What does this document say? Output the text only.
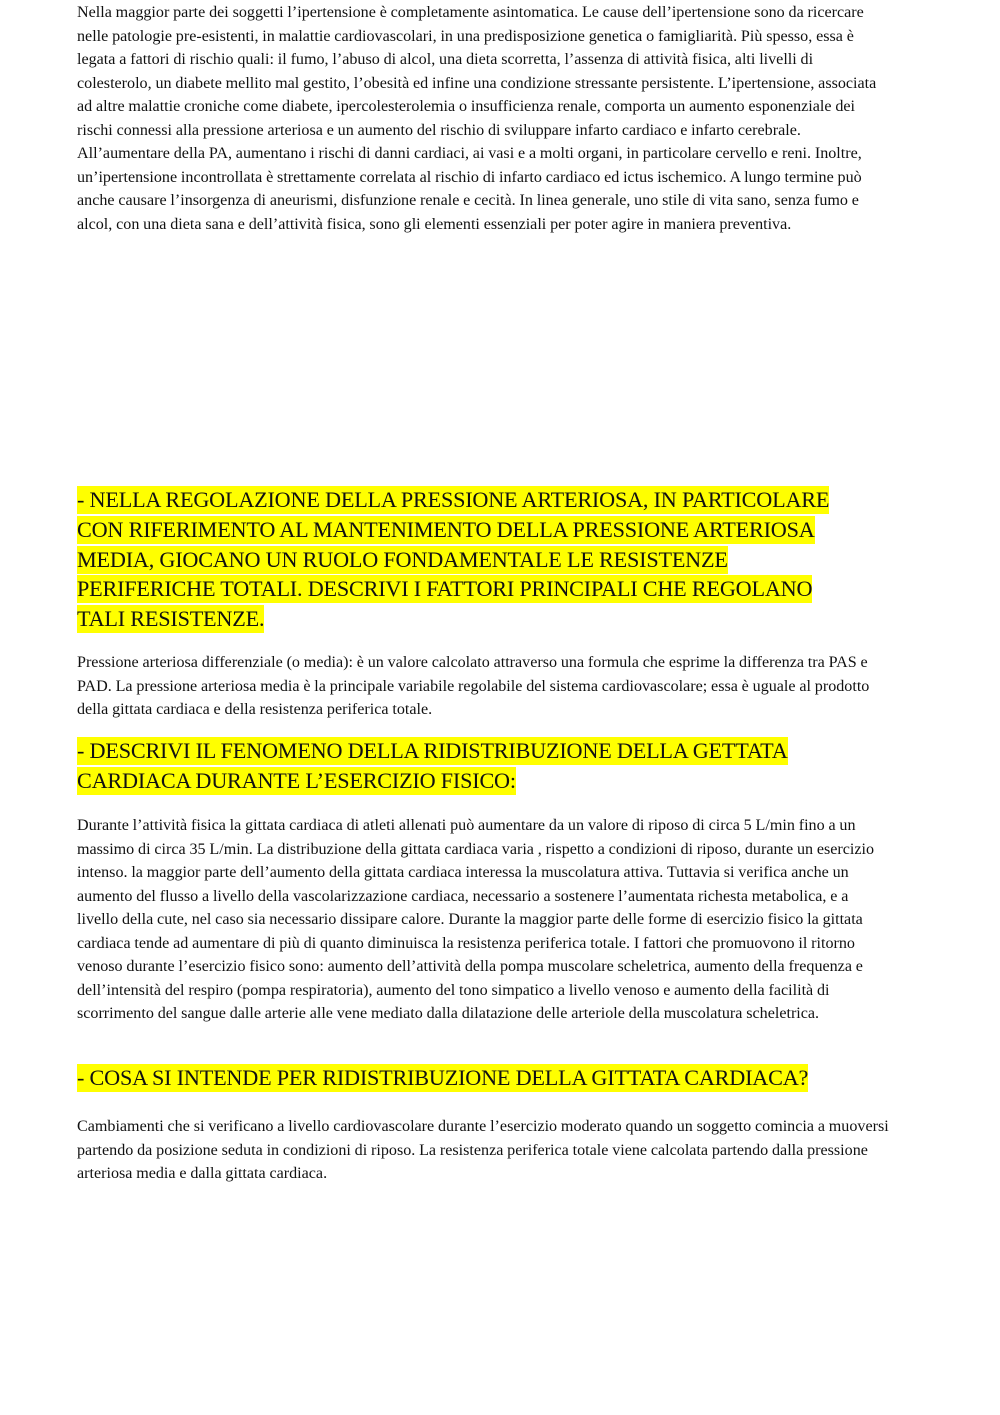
Nella maggior parte dei soggetti l’ipertensione è completamente asintomatica. Le cause dell’ipertensione sono da ricercare nelle patologie pre-esistenti, in malattie cardiovascolari, in una predisposizione genetica o famigliarità. Più spesso, essa è legata a fattori di rischio quali: il fumo, l’abuso di alcol, una dieta scorretta, l’assenza di attività fisica, alti livelli di colesterolo, un diabete mellito mal gestito, l’obesità ed infine una condizione stressante persistente. L’ipertensione, associata ad altre malattie croniche come diabete, ipercolesterolemia o insufficienza renale, comporta un aumento esponenziale dei rischi connessi alla pressione arteriosa e un aumento del rischio di sviluppare infarto cardiaco e infarto cerebrale. All’aumentare della PA, aumentano i rischi di danni cardiaci, ai vasi e a molti organi, in particolare cervello e reni. Inoltre, un’ipertensione incontrollata è strettamente correlata al rischio di infarto cardiaco ed ictus ischemico. A lungo termine può anche causare l’insorgenza di aneurismi, disfunzione renale e cecità. In linea generale, uno stile di vita sano, senza fumo e alcol, con una dieta sana e dell’attività fisica, sono gli elementi essenziali per poter agire in maniera preventiva.

- NELLA REGOLAZIONE DELLA PRESSIONE ARTERIOSA, IN PARTICOLARE CON RIFERIMENTO AL MANTENIMENTO DELLA PRESSIONE ARTERIOSA MEDIA, GIOCANO UN RUOLO FONDAMENTALE LE RESISTENZE PERIFERICHE TOTALI. DESCRIVI I FATTORI PRINCIPALI CHE REGOLANO TALI RESISTENZE.

Pressione arteriosa differenziale (o media): è un valore calcolato attraverso una formula che esprime la differenza tra PAS e PAD. La pressione arteriosa media è la principale variabile regolabile del sistema cardiovascolare; essa è uguale al prodotto della gittata cardiaca e della resistenza periferica totale.

- DESCRIVI IL FENOMENO DELLA RIDISTRIBUZIONE DELLA GETTATA CARDIACA DURANTE L’ESERCIZIO FISICO:

Durante l’attività fisica la gittata cardiaca di atleti allenati può aumentare da un valore di riposo di circa 5 L/min fino a un massimo di circa 35 L/min. La distribuzione della gittata cardiaca varia , rispetto a condizioni di riposo, durante un esercizio intenso. la maggior parte dell’aumento della gittata cardiaca interessa la muscolatura attiva. Tuttavia si verifica anche un aumento del flusso a livello della vascolarizzazione cardiaca, necessario a sostenere l’aumentata richesta metabolica, e a livello della cute, nel caso sia necessario dissipare calore. Durante la maggior parte delle forme di esercizio fisico la gittata cardiaca tende ad aumentare di più di quanto diminuisca la resistenza periferica totale. I fattori che promuovono il ritorno venoso durante l’esercizio fisico sono: aumento dell’attività della pompa muscolare scheletrica, aumento della frequenza e dell’intensità del respiro (pompa respiratoria), aumento del tono simpatico a livello venoso e aumento della facilità di scorrimento del sangue dalle arterie alle vene mediato dalla dilatazione delle arteriole della muscolatura scheletrica.

- COSA SI INTENDE PER RIDISTRIBUZIONE DELLA GITTATA CARDIACA?

Cambiamenti che si verificano a livello cardiovascolare durante l’esercizio moderato quando un soggetto comincia a muoversi partendo da posizione seduta in condizioni di riposo. La resistenza periferica totale viene calcolata partendo dalla pressione arteriosa media e dalla gittata cardiaca.
